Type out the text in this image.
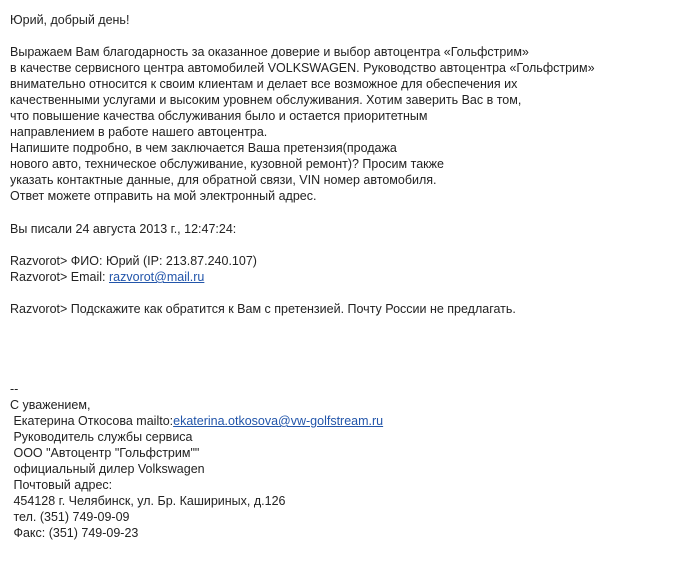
Юрий, добрый день!
Выражаем Вам благодарность за оказанное доверие и выбор автоцентра «Гольфстрим»
в качестве сервисного центра автомобилей VOLKSWAGEN. Руководство автоцентра «Гольфстрим»
внимательно относится к своим клиентам и делает все возможное для обеспечения их
качественными услугами и высоким уровнем обслуживания. Хотим заверить Вас в том,
что повышение качества обслуживания было и остается приоритетным
направлением в работе нашего автоцентра.
Напишите подробно, в чем заключается Ваша претензия(продажа
нового авто, техническое обслуживание, кузовной ремонт)? Просим также
указать контактные данные, для обратной связи, VIN номер автомобиля.
Ответ можете отправить на мой электронный адрес.
Вы писали 24 августа 2013 г., 12:47:24:
Razvorot> ФИО: Юрий (IP: 213.87.240.107)
Razvorot> Email: razvorot@mail.ru
Razvorot> Подскажите как обратится к Вам с претензией. Почту России не предлагать.
--
С уважением,
Екатерина Откосова mailto:ekaterina.otkosova@vw-golfstream.ru
Руководитель службы сервиса
ООО "Автоцентр "Гольфстрим""
официальный дилер Volkswagen
Почтовый адрес:
454128 г. Челябинск, ул. Бр. Кашириных, д.126
тел. (351) 749-09-09
Факс: (351) 749-09-23
